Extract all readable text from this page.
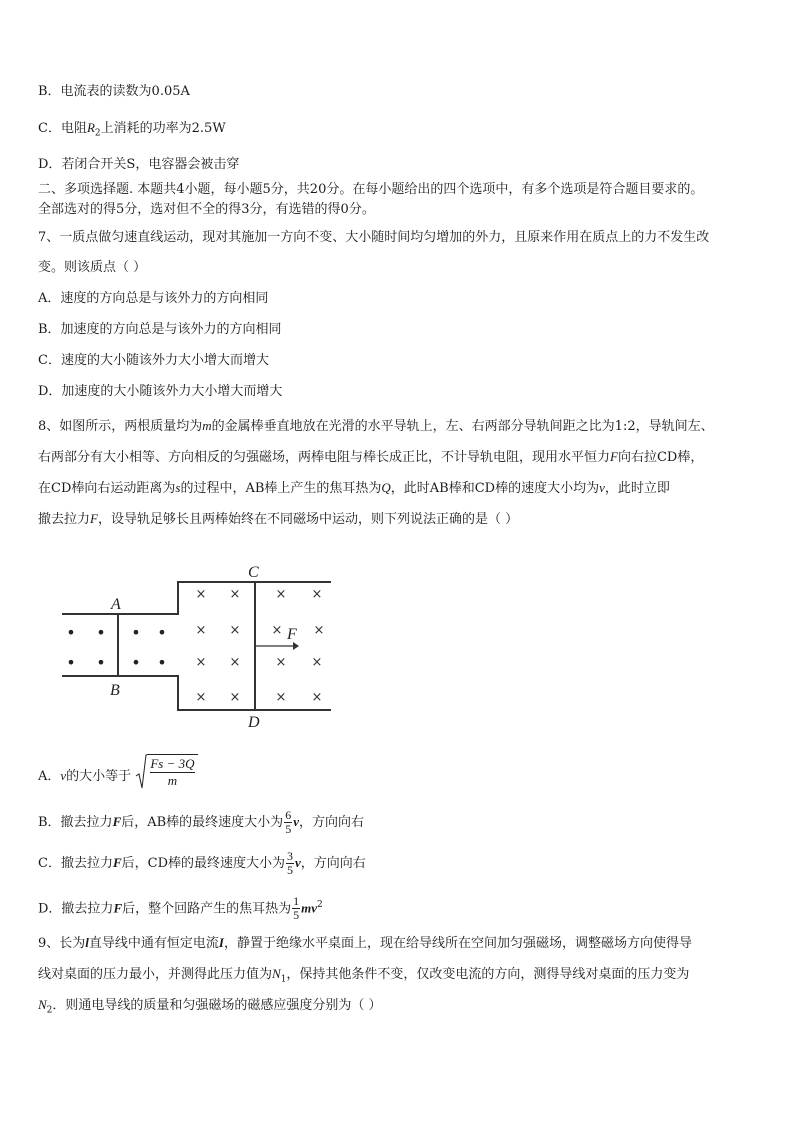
B．电流表的读数为0.05A
C．电阻$R_2$上消耗的功率为2.5W
D．若闭合开关S，电容器会被击穿
二、多项选择题. 本题共4小题，每小题5分，共20分。在每小题给出的四个选项中，有多个选项是符合题目要求的。
全部选对的得5分，选对但不全的得3分，有选错的得0分。
7、一质点做匀速直线运动，现对其施加一方向不变、大小随时间均匀增加的外力，且原来作用在质点上的力不发生改
变。则该质点（ ）
A．速度的方向总是与该外力的方向相同
B．加速度的方向总是与该外力的方向相同
C．速度的大小随该外力大小增大而增大
D．加速度的大小随该外力大小增大而增大
8、如图所示，两根质量均为m的金属棒垂直地放在光滑的水平导轨上，左、右两部分导轨间距之比为1:2，导轨间左、
右两部分有大小相等、方向相反的匀强磁场，两棒电阻与棒长成正比，不计导轨电阻，现用水平恒力F向右拉CD棒，
在CD棒向右运动距离为s的过程中，AB棒上产生的焦耳热为Q，此时AB棒和CD棒的速度大小均为v，此时立即
撤去拉力F，设导轨足够长且两棒始终在不同磁场中运动，则下列说法正确的是（ ）
A
B
C
D
F
• • • •
• • • •
× ×	× ×
× × × ×
× ×	× ×
× ×	× ×
A．v的大小等于 $\frac{Fs - 3Q}{m}$
B．撤去拉力F后，AB棒的最终速度大小为 $\frac{6}{5}$ v，方向向右
C．撤去拉力F后，CD棒的最终速度大小为 $\frac{3}{5}$ v，方向向右
D．撤去拉力F后，整个回路产生的焦耳热为 $\frac{1}{5} mv^2$
9、长为l直导线中通有恒定电流I，静置于绝缘水平桌面上，现在给导线所在空间加匀强磁场，调整磁场方向使得导
线对桌面的压力最小，并测得此压力值为$N_1$，保持其他条件不变，仅改变电流的方向，测得导线对桌面的压力变为
$N_2$．则通电导线的质量和匀强磁场的磁感应强度分别为（ ）
